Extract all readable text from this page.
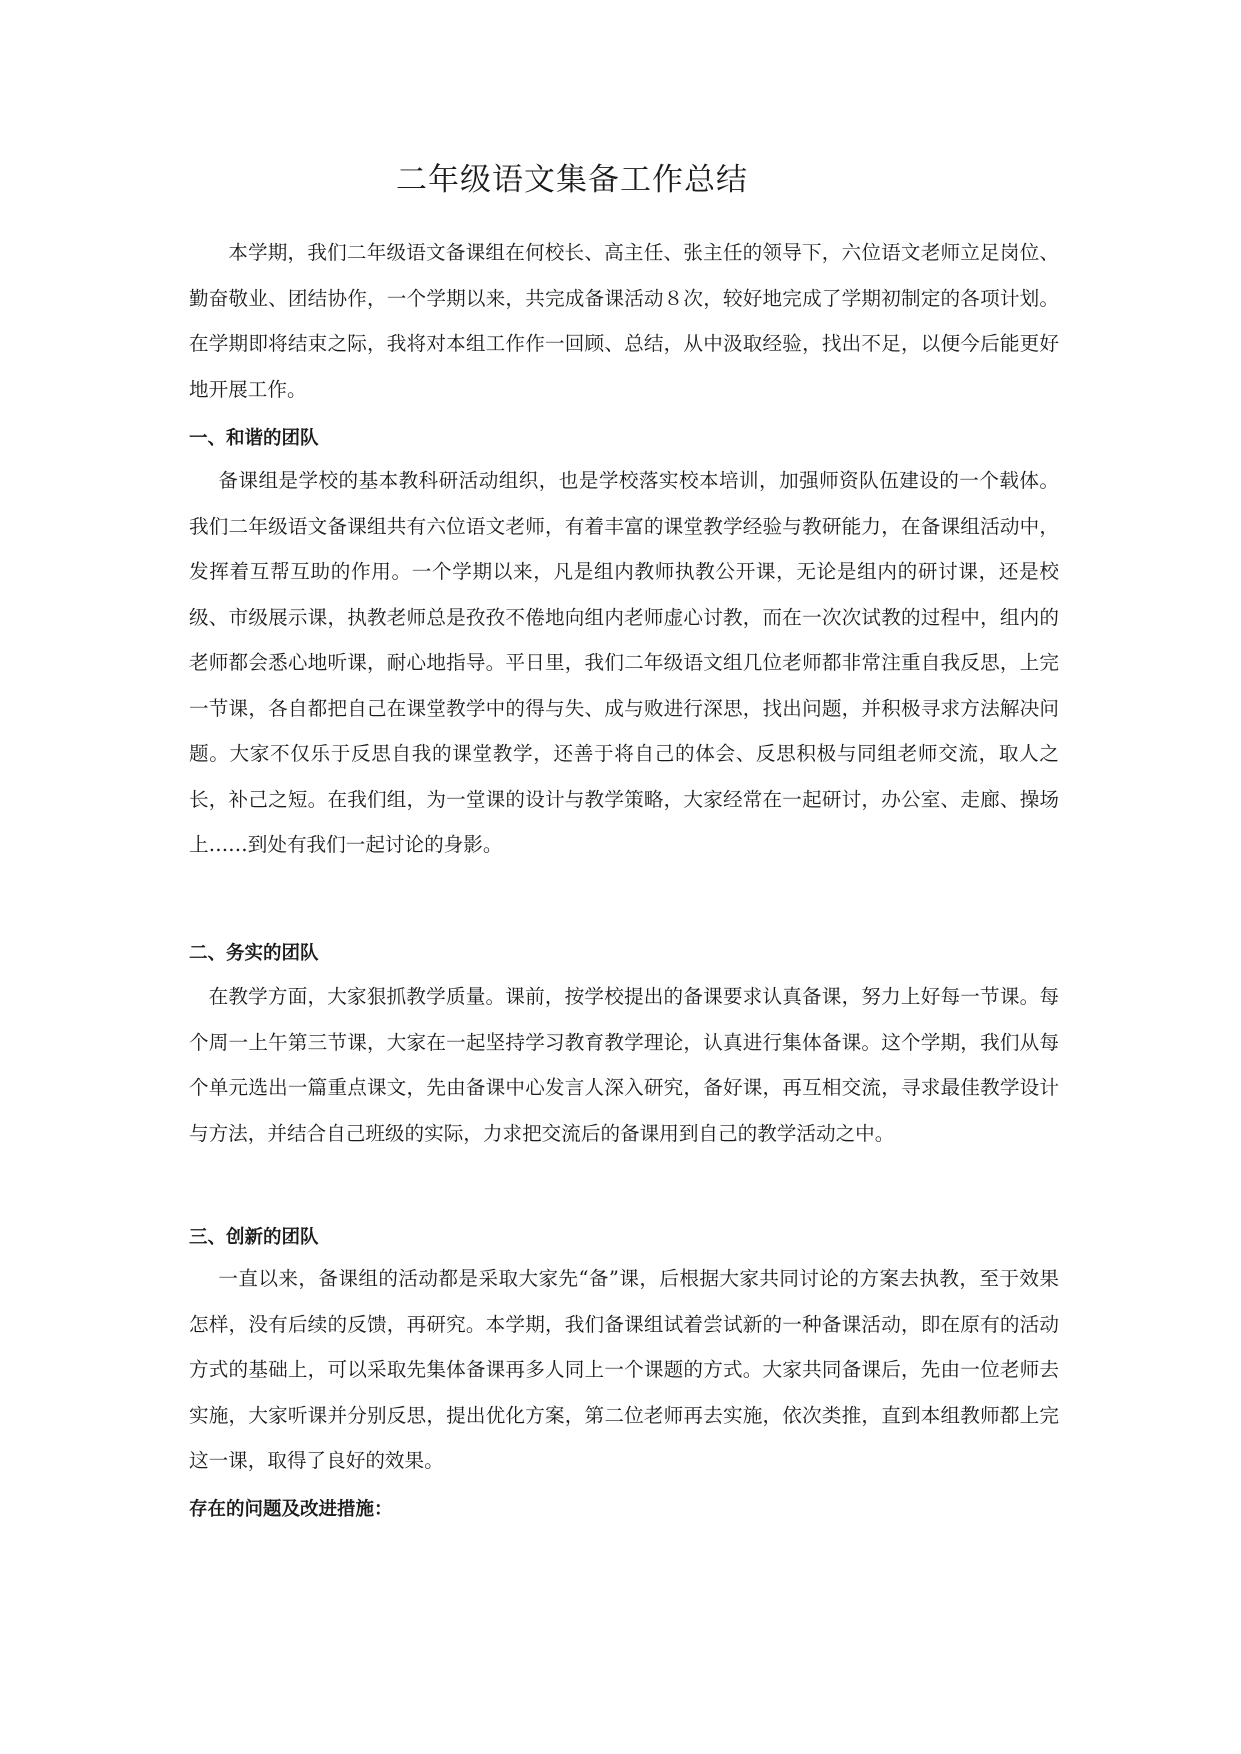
二年级语文集备工作总结

本学期，我们二年级语文备课组在何校长、高主任、张主任的领导下，六位语文老师立足岗位、勤奋敬业、团结协作，一个学期以来，共完成备课活动８次，较好地完成了学期初制定的各项计划。在学期即将结束之际，我将对本组工作作一回顾、总结，从中汲取经验，找出不足，以便今后能更好地开展工作。

一、和谐的团队

备课组是学校的基本教科研活动组织，也是学校落实校本培训，加强师资队伍建设的一个载体。我们二年级语文备课组共有六位语文老师，有着丰富的课堂教学经验与教研能力，在备课组活动中，发挥着互帮互助的作用。一个学期以来，凡是组内教师执教公开课，无论是组内的研讨课，还是校级、市级展示课，执教老师总是孜孜不倦地向组内老师虚心讨教，而在一次次试教的过程中，组内的老师都会悉心地听课，耐心地指导。平日里，我们二年级语文组几位老师都非常注重自我反思，上完一节课，各自都把自己在课堂教学中的得与失、成与败进行深思，找出问题，并积极寻求方法解决问题。大家不仅乐于反思自我的课堂教学，还善于将自己的体会、反思积极与同组老师交流，取人之长，补己之短。在我们组，为一堂课的设计与教学策略，大家经常在一起研讨，办公室、走廊、操场上……到处有我们一起讨论的身影。

二、务实的团队

在教学方面，大家狠抓教学质量。课前，按学校提出的备课要求认真备课，努力上好每一节课。每个周一上午第三节课，大家在一起坚持学习教育教学理论，认真进行集体备课。这个学期，我们从每个单元选出一篇重点课文，先由备课中心发言人深入研究，备好课，再互相交流，寻求最佳教学设计与方法，并结合自己班级的实际，力求把交流后的备课用到自己的教学活动之中。

三、创新的团队

一直以来，备课组的活动都是采取大家先“备”课，后根据大家共同讨论的方案去执教，至于效果怎样，没有后续的反馈，再研究。本学期，我们备课组试着尝试新的一种备课活动，即在原有的活动方式的基础上，可以采取先集体备课再多人同上一个课题的方式。大家共同备课后，先由一位老师去实施，大家听课并分别反思，提出优化方案，第二位老师再去实施，依次类推，直到本组教师都上完这一课，取得了良好的效果。

存在的问题及改进措施：
